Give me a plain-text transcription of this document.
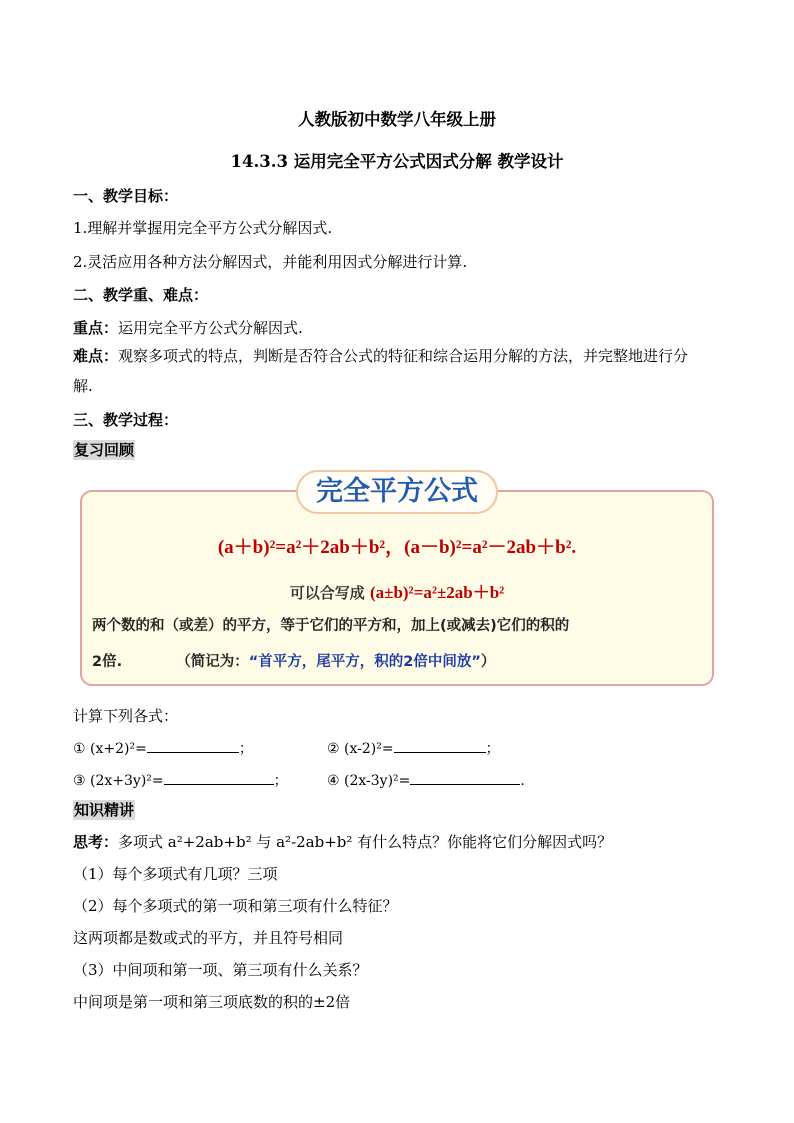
人教版初中数学八年级上册
14.3.3 运用完全平方公式因式分解 教学设计
一、教学目标：
1.理解并掌握用完全平方公式分解因式.
2.灵活应用各种方法分解因式，并能利用因式分解进行计算.
二、教学重、难点：
重点：运用完全平方公式分解因式.
难点：观察多项式的特点，判断是否符合公式的特征和综合运用分解的方法，并完整地进行分
解.
三、教学过程：
复习回顾
完全平方公式
(a＋b)²=a²＋2ab＋b²，(a－b)²=a²－2ab＋b².
可以合写成 (a±b)²=a²±2ab＋b²
两个数的和（或差）的平方，等于它们的平方和，加上(或减去)它们的积的
2倍.	（简记为：“首平方，尾平方，积的2倍中间放”）
计算下列各式：
① (x+2)²=	；	② (x-2)²=	；
③ (2x+3y)²=	；	④ (2x-3y)²=	.
知识精讲
思考：多项式 a²+2ab+b² 与 a²-2ab+b² 有什么特点？你能将它们分解因式吗？
（1）每个多项式有几项？三项
（2）每个多项式的第一项和第三项有什么特征？
这两项都是数或式的平方，并且符号相同
（3）中间项和第一项、第三项有什么关系？
中间项是第一项和第三项底数的积的±2倍
